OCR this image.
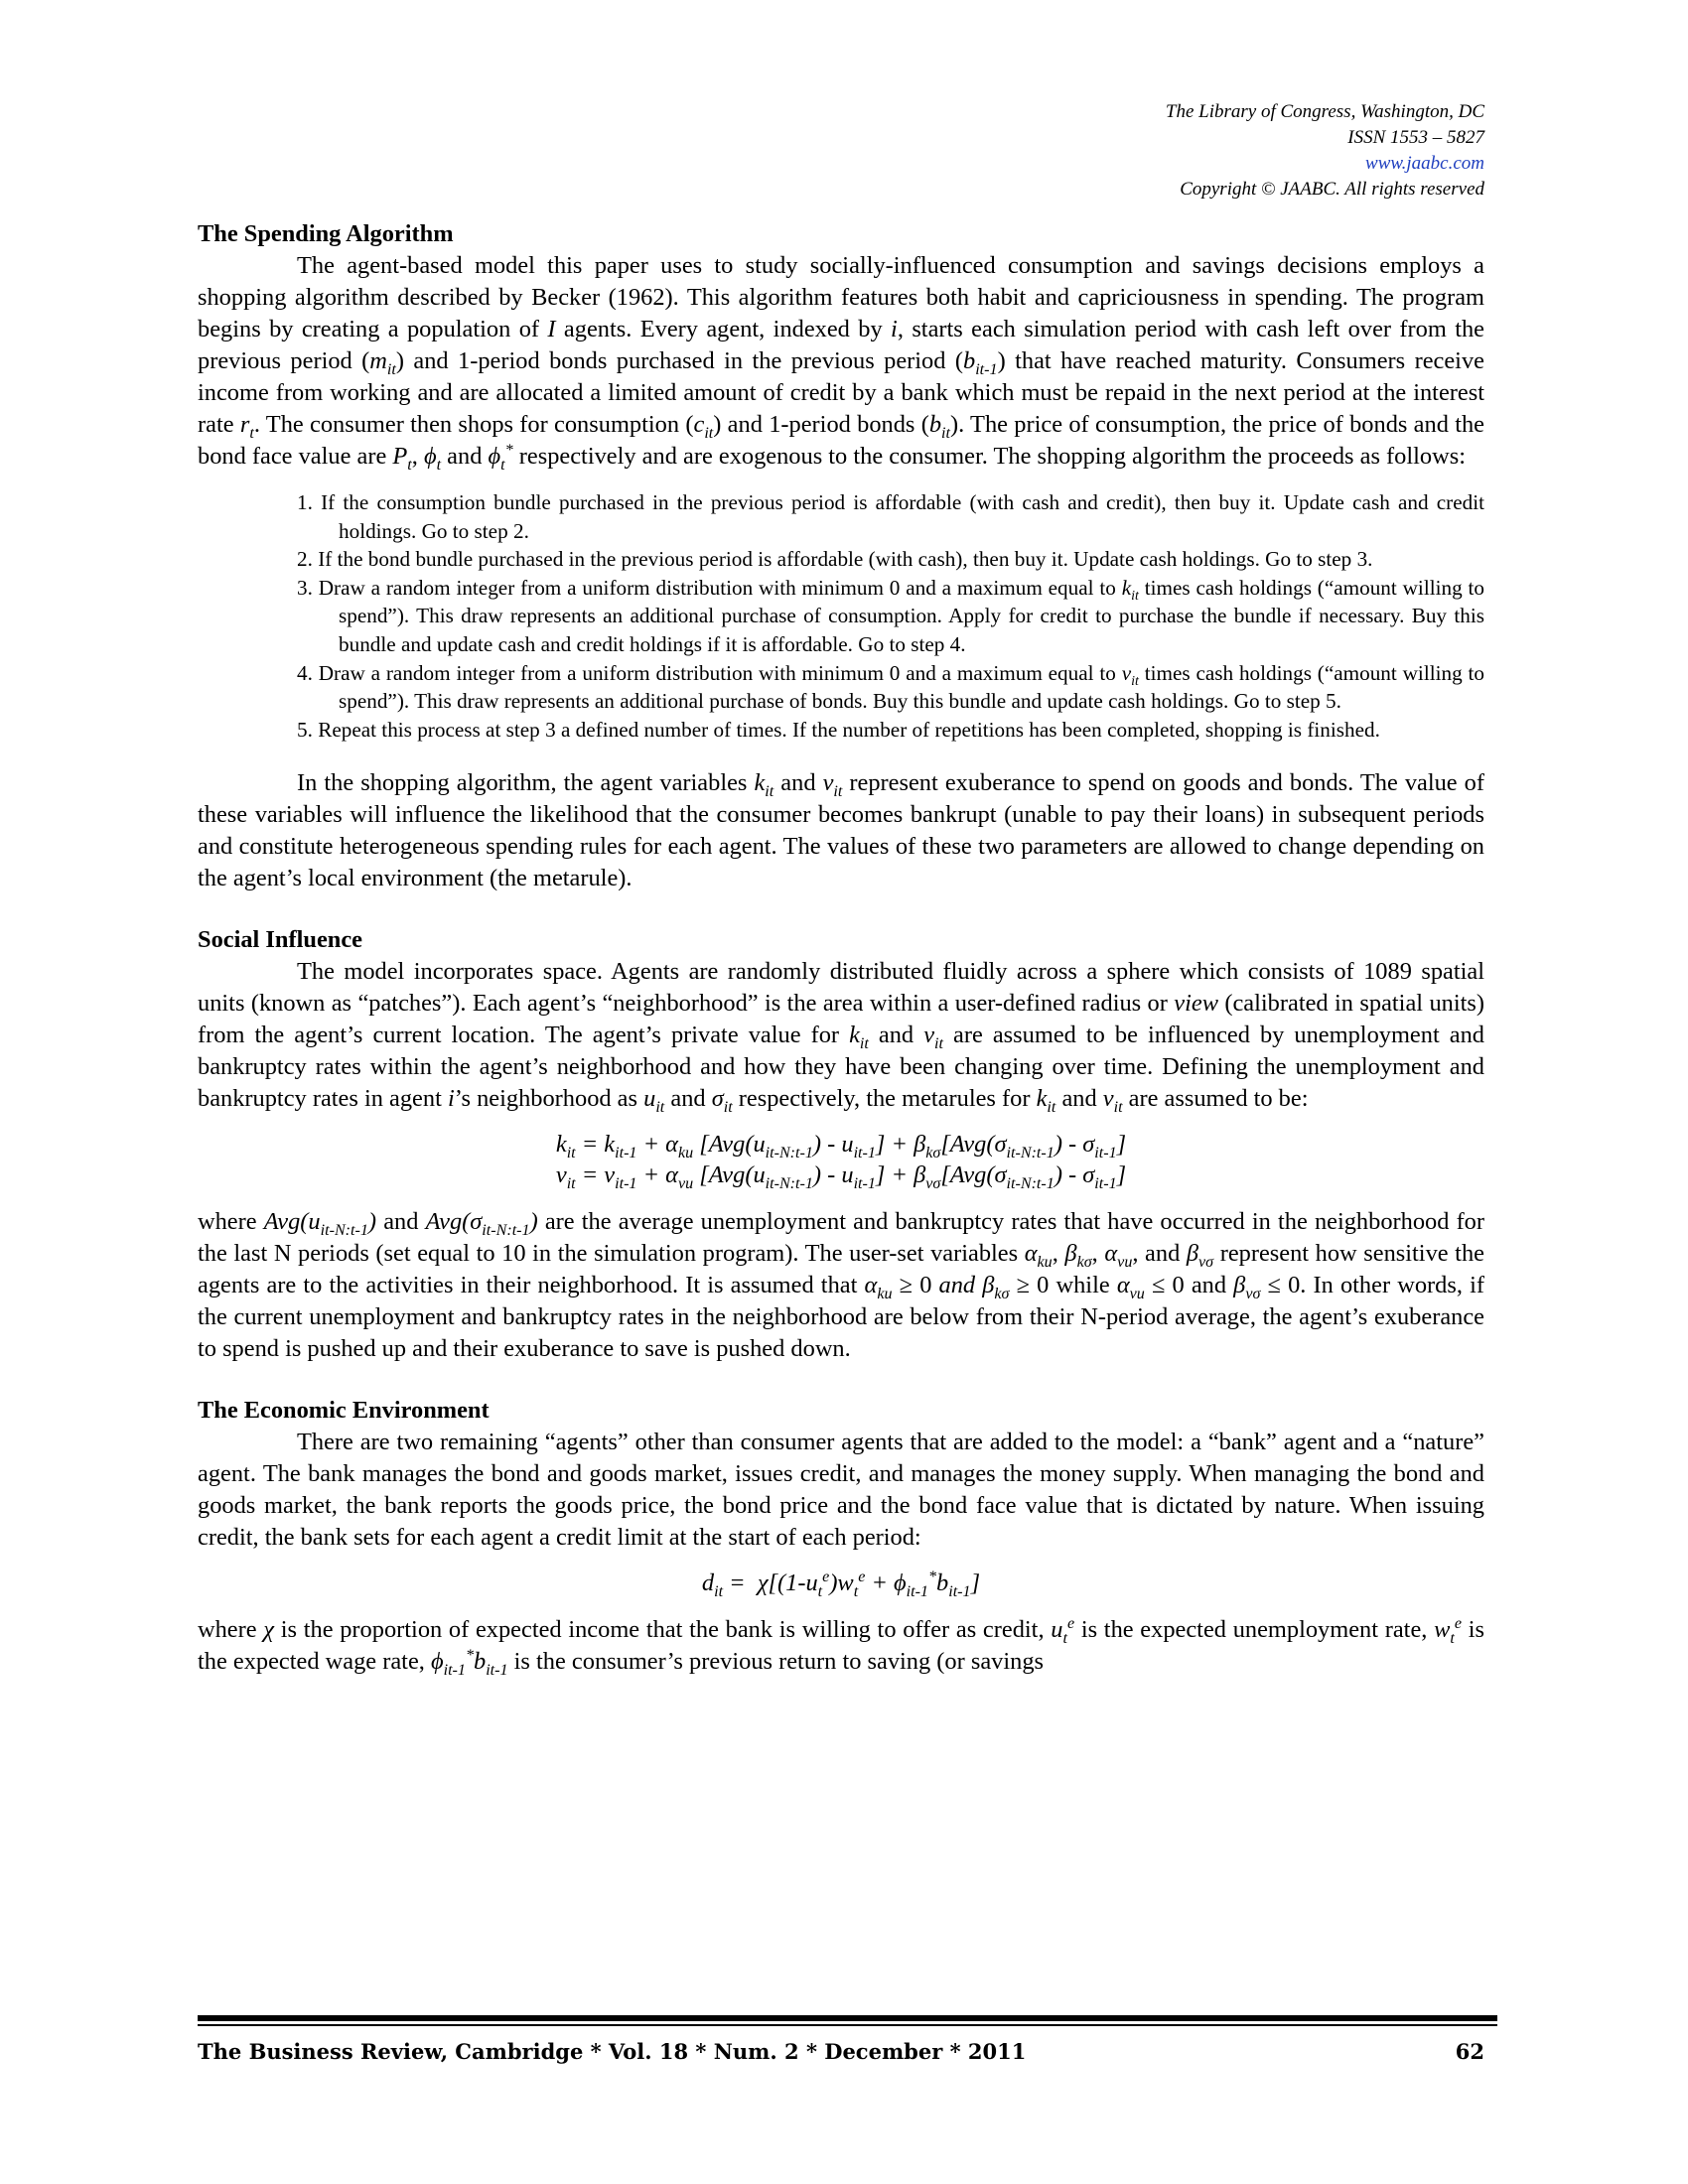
The Library of Congress, Washington, DC
ISSN 1553 – 5827
www.jaabc.com
Copyright © JAABC. All rights reserved
The Spending Algorithm

The agent-based model this paper uses to study socially-influenced consumption and savings decisions employs a shopping algorithm described by Becker (1962). This algorithm features both habit and capriciousness in spending. The program begins by creating a population of I agents. Every agent, indexed by i, starts each simulation period with cash left over from the previous period $(m_{it})$ and 1-period bonds purchased in the previous period $(b_{it-1})$ that have reached maturity. Consumers receive income from working and are allocated a limited amount of credit by a bank which must be repaid in the next period at the interest rate $r_t$. The consumer then shops for consumption $(c_{it})$ and 1-period bonds $(b_{it})$. The price of consumption, the price of bonds and the bond face value are $P_t$, $\phi_t$ and $\phi_t^*$ respectively and are exogenous to the consumer. The shopping algorithm the proceeds as follows:

1. If the consumption bundle purchased in the previous period is affordable (with cash and credit), then buy it. Update cash and credit holdings. Go to step 2.
2. If the bond bundle purchased in the previous period is affordable (with cash), then buy it. Update cash holdings. Go to step 3.
3. Draw a random integer from a uniform distribution with minimum 0 and a maximum equal to $k_{it}$ times cash holdings (“amount willing to spend”). This draw represents an additional purchase of consumption. Apply for credit to purchase the bundle if necessary. Buy this bundle and update cash and credit holdings if it is affordable. Go to step 4.
4. Draw a random integer from a uniform distribution with minimum 0 and a maximum equal to $v_{it}$ times cash holdings (“amount willing to spend”). This draw represents an additional purchase of bonds. Buy this bundle and update cash holdings. Go to step 5.
5. Repeat this process at step 3 a defined number of times. If the number of repetitions has been completed, shopping is finished.

In the shopping algorithm, the agent variables $k_{it}$ and $v_{it}$ represent exuberance to spend on goods and bonds. The value of these variables will influence the likelihood that the consumer becomes bankrupt (unable to pay their loans) in subsequent periods and constitute heterogeneous spending rules for each agent. The values of these two parameters are allowed to change depending on the agent’s local environment (the metarule).

Social Influence

The model incorporates space. Agents are randomly distributed fluidly across a sphere which consists of 1089 spatial units (known as “patches”). Each agent’s “neighborhood” is the area within a user-defined radius or view (calibrated in spatial units) from the agent’s current location. The agent’s private value for $k_{it}$ and $v_{it}$ are assumed to be influenced by unemployment and bankruptcy rates within the agent’s neighborhood and how they have been changing over time. Defining the unemployment and bankruptcy rates in agent i’s neighborhood as $u_{it}$ and $\sigma_{it}$ respectively, the metarules for $k_{it}$ and $v_{it}$ are assumed to be:

$k_{it} = k_{it-1} + \alpha_{ku}$ $[Avg(u_{it-N:t-1}) - u_{it-1}] + \beta_{k\sigma}[Avg(\sigma_{it-N:t-1}) - \sigma_{it-1}]$
$v_{it} = v_{it-1} + \alpha_{vu}$ $[Avg(u_{it-N:t-1}) - u_{it-1}] + \beta_{v\sigma}[Avg(\sigma_{it-N:t-1}) - \sigma_{it-1}]$

where $Avg(u_{it-N:t-1})$ and $Avg(\sigma_{it-N:t-1})$ are the average unemployment and bankruptcy rates that have occurred in the neighborhood for the last N periods (set equal to 10 in the simulation program). The user-set variables $\alpha_{ku}$, $\beta_{k\sigma}$, $\alpha_{vu}$, and $\beta_{v\sigma}$ represent how sensitive the agents are to the activities in their neighborhood. It is assumed that $\alpha_{ku} \ge 0$ and $\beta_{k\sigma} \ge 0$ while $\alpha_{vu} \le 0$ and $\beta_{v\sigma} \le 0$. In other words, if the current unemployment and bankruptcy rates in the neighborhood are below from their N-period average, the agent’s exuberance to spend is pushed up and their exuberance to save is pushed down.

The Economic Environment

There are two remaining “agents” other than consumer agents that are added to the model: a “bank” agent and a “nature” agent. The bank manages the bond and goods market, issues credit, and manages the money supply. When managing the bond and goods market, the bank reports the goods price, the bond price and the bond face value that is dictated by nature. When issuing credit, the bank sets for each agent a credit limit at the start of each period:

$d_{it} = \chi[(1-u_t^e)w_t^e + \phi_{it-1}^*b_{it-1}]$

where χ is the proportion of expected income that the bank is willing to offer as credit, $u_t^e$ is the expected unemployment rate, $w_t^e$ is the expected wage rate, $\phi_{it-1}^*b_{it-1}$ is the consumer’s previous return to saving (or savings

The Business Review, Cambridge * Vol. 18 * Num. 2 * December * 2011	62
